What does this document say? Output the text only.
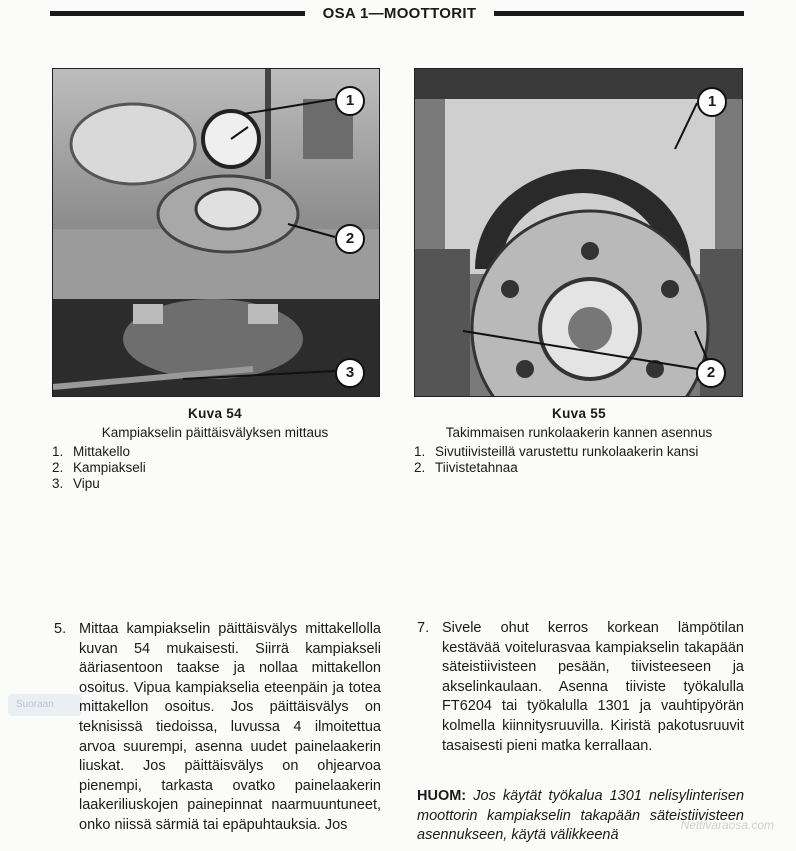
OSA 1—MOOTTORIT
1
2
3
1
2
Kuva 54
Kampiakselin päittäisvälyksen mittaus
1. Mittakello
2. Kampiakseli
3. Vipu
Kuva 55
Takimmaisen runkolaakerin kannen asennus
1. Sivutiivisteillä varustettu runkolaakerin kansi
2. Tiivistetahnaa
Suoraan
5. Mittaa kampiakselin päittäisvälys mittakellolla kuvan 54 mukaisesti. Siirrä kampiakseli ääriasentoon taakse ja nollaa mittakellon osoitus. Vipua kampiakselia eteenpäin ja totea mittakellon osoitus. Jos päittäisvälys on teknisissä tiedoissa, luvussa 4 ilmoitettua arvoa suurempi, asenna uudet painelaakerin liuskat. Jos päittäisvälys on ohjearvoa pienempi, tarkasta ovatko painelaakerin laakeriliuskojen painepinnat naarmuuntuneet, onko niissä särmiä tai epäpuhtauksia. Jos
7. Sivele ohut kerros korkean lämpötilan kestävää voitelurasvaa kampiakselin takapään säteistiivisteen pesään, tiivisteeseen ja akselinkaulaan. Asenna tiiviste työkalulla FT6204 tai työkalulla 1301 ja vauhtipyörän kolmella kiinnitysruuvilla. Kiristä pakotusruuvit tasaisesti pieni matka kerrallaan.
HUOM: Jos käytät työkalua 1301 nelisylinterisen moottorin kampiakselin takapään säteistiivisteen asennukseen, käytä välikkeenä
Nettivaraosa.com
